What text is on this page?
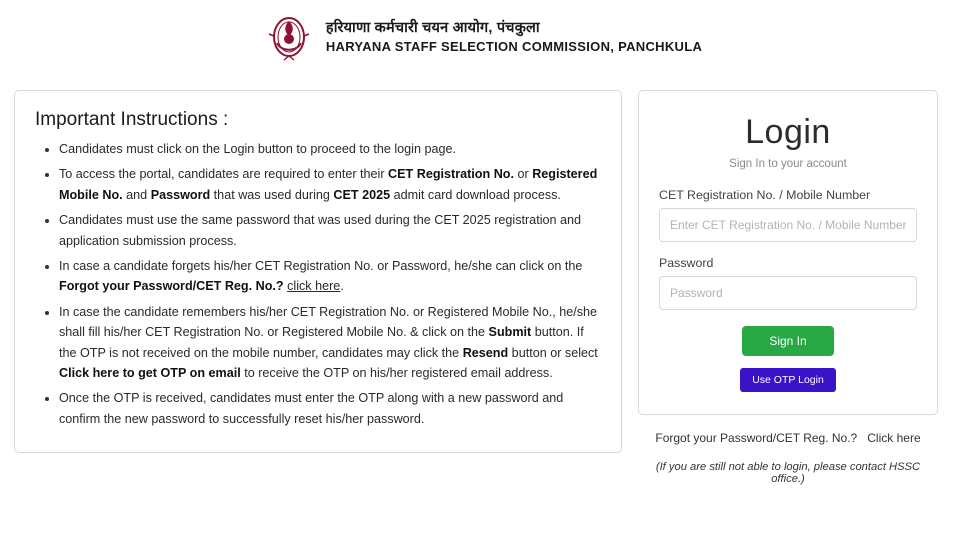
हरियाणा कर्मचारी चयन आयोग, पंचकुला
HARYANA STAFF SELECTION COMMISSION, PANCHKULA
Important Instructions :
• Candidates must click on the Login button to proceed to the login page.
• To access the portal, candidates are required to enter their CET Registration No. or Registered Mobile No. and Password that was used during CET 2025 admit card download process.
• Candidates must use the same password that was used during the CET 2025 registration and application submission process.
• In case a candidate forgets his/her CET Registration No. or Password, he/she can click on the Forgot your Password/CET Reg. No.? click here.
• In case the candidate remembers his/her CET Registration No. or Registered Mobile No., he/she shall fill his/her CET Registration No. or Registered Mobile No. & click on the Submit button. If the OTP is not received on the mobile number, candidates may click the Resend button or select Click here to get OTP on email to receive the OTP on his/her registered email address.
• Once the OTP is received, candidates must enter the OTP along with a new password and confirm the new password to successfully reset his/her password.
Login
Sign In to your account
CET Registration No. / Mobile Number
Enter CET Registration No. / Mobile Number
Password
Sign In
Use OTP Login
Forgot your Password/CET Reg. No.? Click here
(If you are still not able to login, please contact HSSC office.)
